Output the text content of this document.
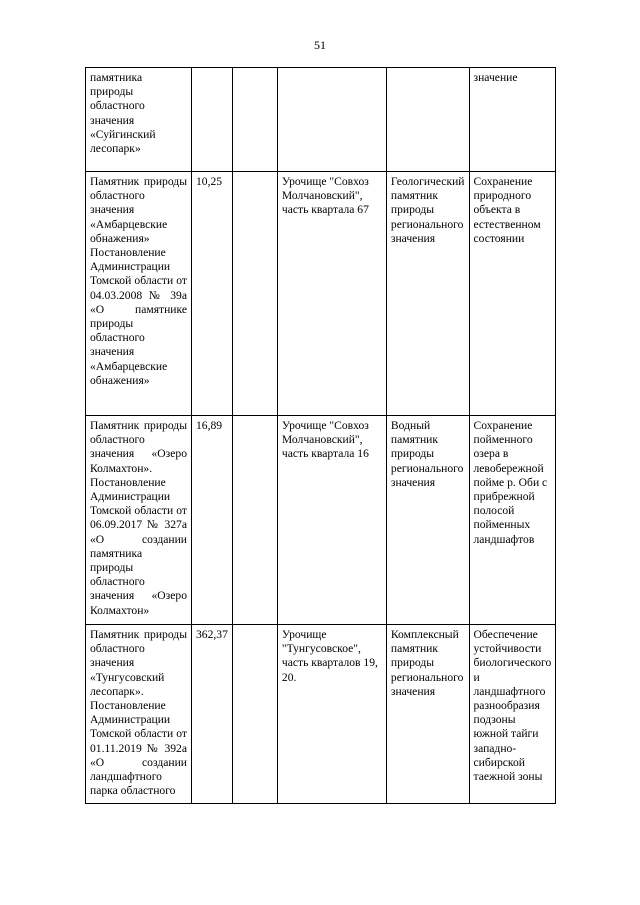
51
памятника природы областного значения «Суйгинский лесопарк»					значение
Памятник природы областного значения «Амбарцевские обнажения» Постановление Администрации Томской области от 04.03.2008 № 39а «О памятнике природы областного значения «Амбарцевские обнажения»	10,25		Урочище "Совхоз Молчановский", часть квартала 67	Геологический памятник природы регионального значения	Сохранение природного объекта в естественном состоянии
Памятник природы областного значения «Озеро Колмахтон». Постановление Администрации Томской области от 06.09.2017 № 327а «О создании памятника природы областного значения «Озеро Колмахтон»	16,89		Урочище "Совхоз Молчановский", часть квартала 16	Водный памятник природы регионального значения	Сохранение пойменного озера в левобережной пойме р. Оби с прибрежной полосой пойменных ландшафтов
Памятник природы областного значения «Тунгусовский лесопарк». Постановление Администрации Томской области от 01.11.2019 № 392а «О создании ландшафтного парка областного	362,37		Урочище "Тунгусовское", часть кварталов 19, 20.	Комплексный памятник природы регионального значения	Обеспечение устойчивости биологического и ландшафтного разнообразия подзоны южной тайги западно-сибирской таежной зоны
